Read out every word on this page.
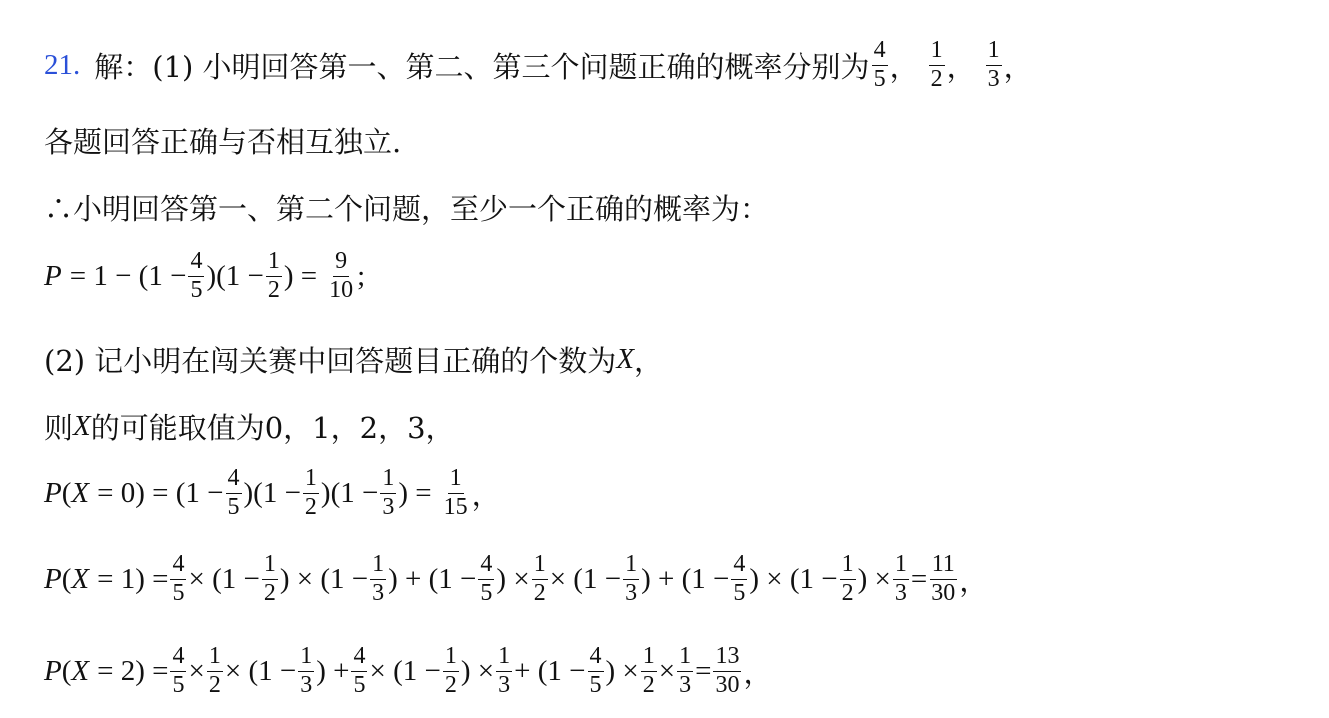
21. 解：(1) 小明回答第一、第二、第三个问题正确的概率分别为 $\frac{4}{5}$ ， $\frac{1}{2}$ ， $\frac{1}{3}$ ，
各题回答正确与否相互独立.
∴小明回答第一、第二个问题，至少一个正确的概率为：
$P = 1 - (1 - \frac{4}{5} )(1 - \frac{1}{2}$ ) = $\frac{9}{10}$ ;
(2) 记小明在闯关赛中回答题目正确的个数为 X ，
则 X 的可能取值为0，1，2，3，
P ( $X = 0) = (1 - \frac{4}{5} )(1 - \frac{1}{2} )(1 - \frac{1}{3}$ ) = $\frac{1}{15}$ ，
P ( $X = 1) = \frac{4}{5} \times (1 - \frac{1}{2}$ ) × ($1 - \frac{1}{3}$ ) + ($1 - \frac{4}{5}$ ) × $\frac{1}{2} \times (1 - \frac{1}{3}$ ) + ($1 - \frac{4}{5}$ ) × ($1 - \frac{1}{2}$ ) × $\frac{1}{3} = \frac{11}{30}$ ，
P ( $X = 2) = \frac{4}{5} \times \frac{1}{2} \times (1 - \frac{1}{3}$ ) + $\frac{4}{5} \times (1 - \frac{1}{2}$ ) × $\frac{1}{3} + (1 - \frac{4}{5}$ ) × $\frac{1}{2} \times \frac{1}{3} = \frac{13}{30}$ ，
